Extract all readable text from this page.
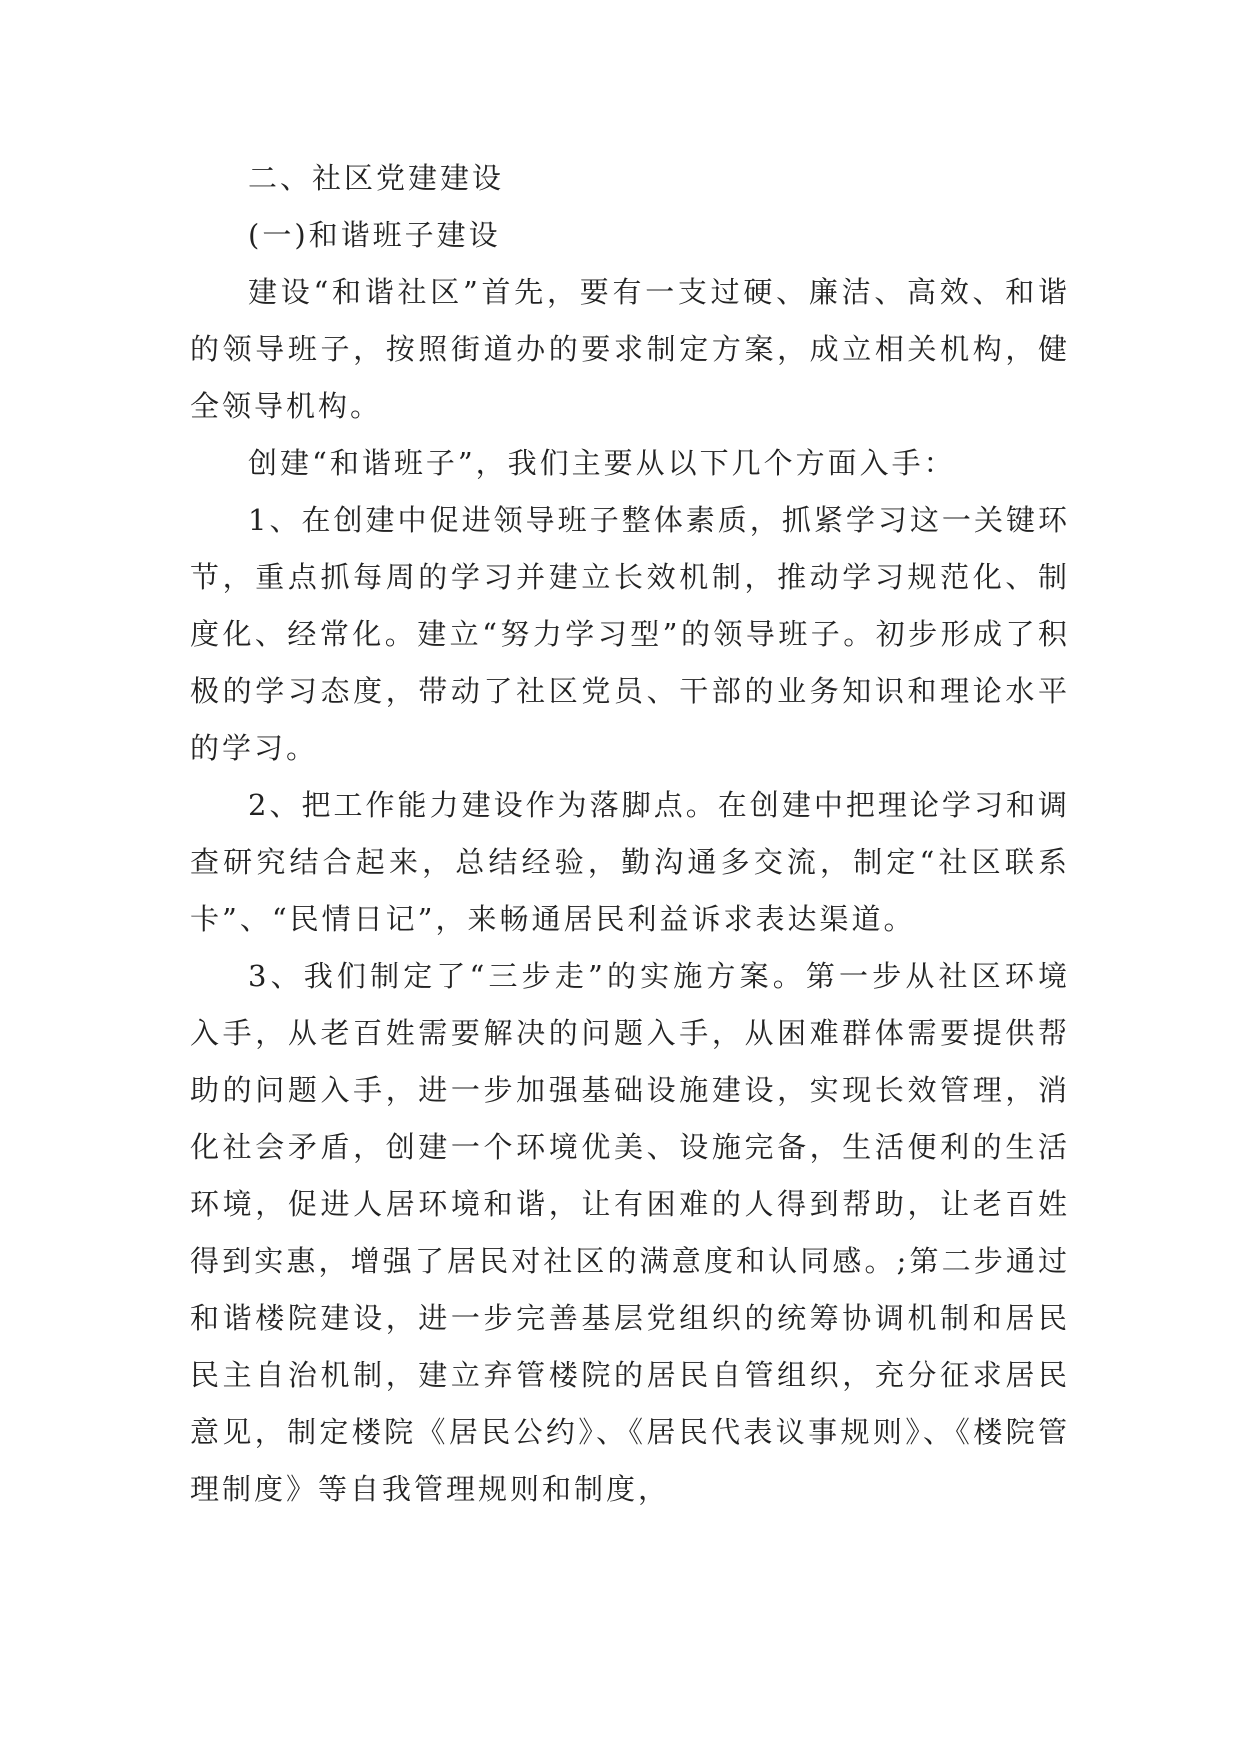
二、社区党建建设

(一)和谐班子建设

建设“和谐社区”首先，要有一支过硬、廉洁、高效、和谐的领导班子，按照街道办的要求制定方案，成立相关机构，健全领导机构。

创建“和谐班子”，我们主要从以下几个方面入手：

1、在创建中促进领导班子整体素质，抓紧学习这一关键环节，重点抓每周的学习并建立长效机制，推动学习规范化、制度化、经常化。建立“努力学习型”的领导班子。初步形成了积极的学习态度，带动了社区党员、干部的业务知识和理论水平的学习。

2、把工作能力建设作为落脚点。在创建中把理论学习和调查研究结合起来，总结经验，勤沟通多交流，制定“社区联系卡”、“民情日记”，来畅通居民利益诉求表达渠道。

3、我们制定了“三步走”的实施方案。第一步从社区环境入手，从老百姓需要解决的问题入手，从困难群体需要提供帮助的问题入手，进一步加强基础设施建设，实现长效管理，消化社会矛盾，创建一个环境优美、设施完备，生活便利的生活环境，促进人居环境和谐，让有困难的人得到帮助，让老百姓得到实惠，增强了居民对社区的满意度和认同感。;第二步通过和谐楼院建设，进一步完善基层党组织的统筹协调机制和居民民主自治机制，建立弃管楼院的居民自管组织，充分征求居民意见，制定楼院《居民公约》、《居民代表议事规则》、《楼院管理制度》等自我管理规则和制度，
